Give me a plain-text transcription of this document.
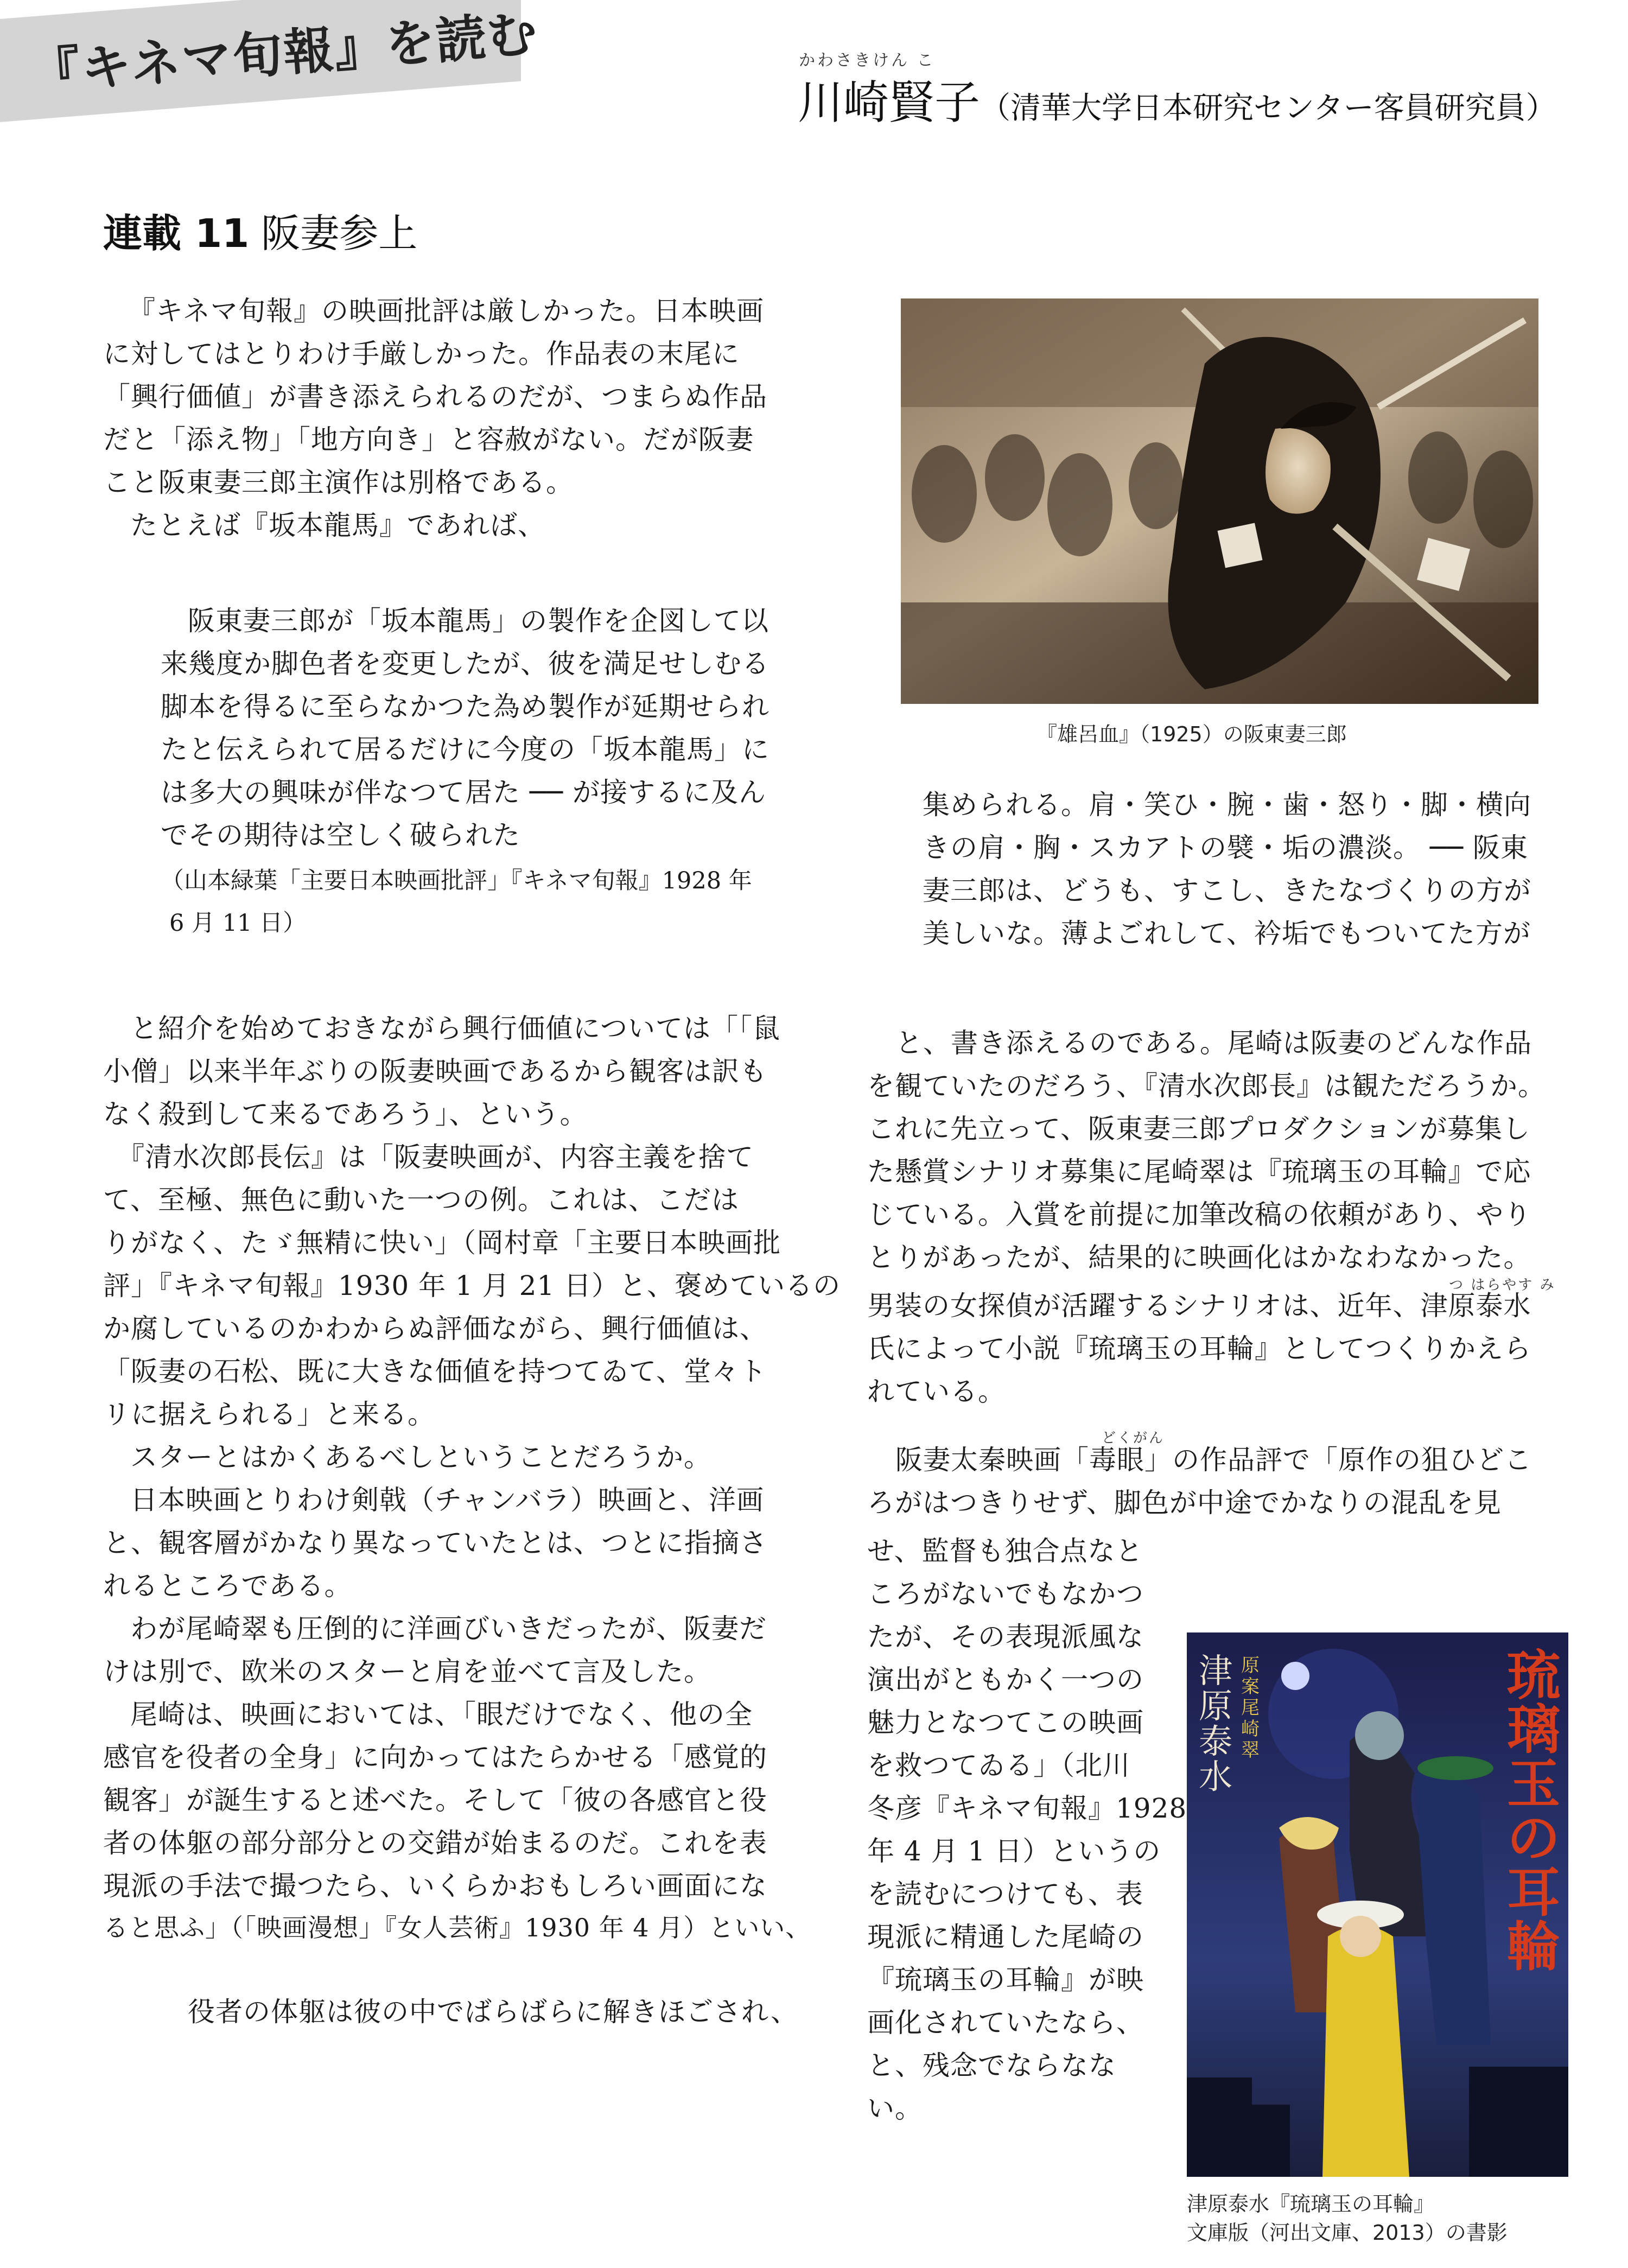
『キネマ旬報』を読む	かわさきけん こ
川崎賢子（清華大学日本研究センター客員研究員）
連載 11 阪妻参上
『キネマ旬報』の映画批評は厳しかった。日本映画
に対してはとりわけ手厳しかった。作品表の末尾に
「興行価値」が書き添えられるのだが、つまらぬ作品
だと「添え物」「地方向き」と容赦がない。だが阪妻
こと阪東妻三郎主演作は別格である。
たとえば『坂本龍馬』であれば、
阪東妻三郎が「坂本龍馬」の製作を企図して以
来幾度か脚色者を変更したが、彼を満足せしむる
脚本を得るに至らなかつた為め製作が延期せられ
たと伝えられて居るだけに今度の「坂本龍馬」に
は多大の興味が伴なつて居た ── が接するに及ん
でその期待は空しく破られた
（山本緑葉「主要日本映画批評」『キネマ旬報』1928 年
6 月 11 日）
と紹介を始めておきながら興行価値については「「鼠
小僧」以来半年ぶりの阪妻映画であるから観客は訳も
なく殺到して来るであろう」、という。
『清水次郎長伝』は「阪妻映画が、内容主義を捨て
て、至極、無色に動いた一つの例。これは、こだは
りがなく、たゞ無精に快い」（岡村章「主要日本映画批
評」『キネマ旬報』1930 年 1 月 21 日）と、褒めているの
か腐しているのかわからぬ評価ながら、興行価値は、
「阪妻の石松、既に大きな価値を持つてゐて、堂々ト
リに据えられる」と来る。
スターとはかくあるべしということだろうか。
日本映画とりわけ剣戟（チャンバラ）映画と、洋画
と、観客層がかなり異なっていたとは、つとに指摘さ
れるところである。
わが尾崎翠も圧倒的に洋画びいきだったが、阪妻だ
けは別で、欧米のスターと肩を並べて言及した。
尾崎は、映画においては、「眼だけでなく、他の全
感官を役者の全身」に向かってはたらかせる「感覚的
観客」が誕生すると述べた。そして「彼の各感官と役
者の体躯の部分部分との交錯が始まるのだ。これを表
現派の手法で撮つたら、いくらかおもしろい画面にな
ると思ふ」（「映画漫想」『女人芸術』1930 年 4 月）といい、
役者の体躯は彼の中でばらばらに解きほごされ、
『雄呂血』（1925）の阪東妻三郎
集められる。肩・笑ひ・腕・歯・怒り・脚・横向
きの肩・胸・スカアトの襞・垢の濃淡。 ── 阪東
妻三郎は、どうも、すこし、きたなづくりの方が
美しいな。薄よごれして、衿垢でもついてた方が
と、書き添えるのである。尾崎は阪妻のどんな作品
を観ていたのだろう、『清水次郎長』は観ただろうか。
これに先立って、阪東妻三郎プロダクションが募集し
た懸賞シナリオ募集に尾崎翠は『琉璃玉の耳輪』で応
じている。入賞を前提に加筆改稿の依頼があり、やり
とりがあったが、結果的に映画化はかなわなかった。
つ はらやす み
男装の女探偵が活躍するシナリオは、近年、津原泰水
氏によって小説『琉璃玉の耳輪』としてつくりかえら
れている。
どくがん
阪妻太秦映画「毒眼」の作品評で「原作の狙ひどこ
ろがはつきりせず、脚色が中途でかなりの混乱を見
せ、監督も独合点なと
ころがないでもなかつ
たが、その表現派風な
演出がともかく一つの
魅力となつてこの映画
を救つてゐる」（北川
冬彦『キネマ旬報』1928
年 4 月 1 日）というの
を読むにつけても、表
現派に精通した尾崎の
『琉璃玉の耳輪』が映
画化されていたなら、
と、残念でならなな
い。
津原泰水
原案 尾崎翠
琉璃玉の耳輪
津原泰水『琉璃玉の耳輪』
文庫版（河出文庫、2013）の書影
